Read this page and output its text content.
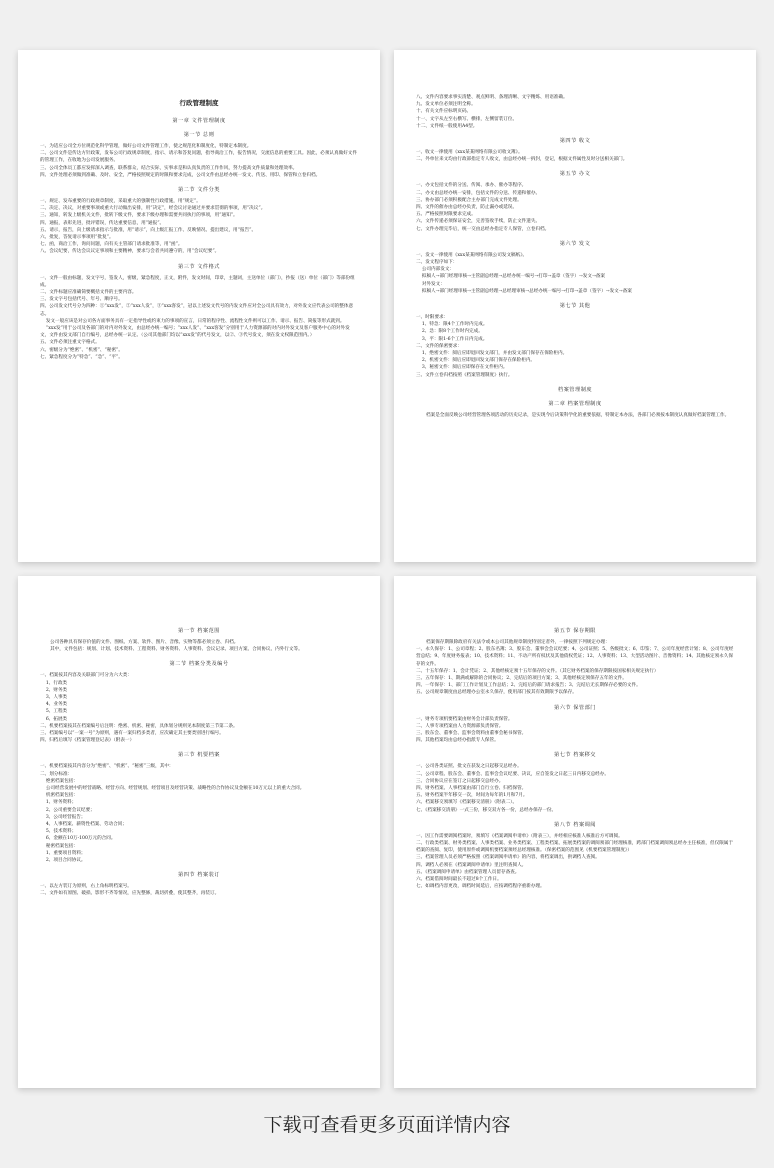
行政管理制度
第一章 文件管理制度
第一节 总则

一、为适应公司全方位规范化科学管理，做好公司文件管理工作，使之规范化和制度化，特制定本制度。

二、公司文件是传达方针政策，发布公司行政规章制度，指示、请示和答复问题，指导商洽工作，报告情况，交流信息的重要工具。因此，必须认真做好文件的管理工作，在收地为公司发展服务。

三、公司全体员工都应发挥深入调查，联系群众，结合实际，实事求是和认真负责的工作作风，努力提高文件质量和处理效率。

四、文件处理必须做到准确、及时、安全，严格按照规定的时限和要求完成，公司文件由总经办统一发文、传送、用印、保管和立卷归档。

第二节 文件分类

一、规定、发布重要的行政规章制度，采取重大的强制性行政措施，用“规定”。

二、决定、决议，对重要事项或重大行动做出安排，用“决定”，经会议讨论通过并要求贯彻的事项，用“决议”。

三、通知，转发上级机关文件，批转下级文件，要求下级办理和需要共同执行的事项，用“通知”。

四、通报，表彰先进，批评错误，传达重要信息，用“通报”。

五、请示，报告，向上级请求指示与批准，用“请示”，向上级汇报工作、反映情况、提出建议，用“报告”。

六、批复，答复请示事项用“批复”。

七、函，商洽工作，询问问题，向有关主管部门请求批准等，用“函”。

八、会议纪要，传达会议议定事项和主要精神，要求与会者共同遵守的，用“会议纪要”。

第三节 文件格式

一、文件一般由标题，发文字号，签发人，密级，紧急程度，正文，附件，发文时间，印章，主题词，主送单位（部门），抄报（送）单位（部门）等部份组成。

二、文件标题应准确简要概括文件的主要内容。

三、发文字号包括代号、年号、顺序号。

四、公司发文代号分为四种：①“xxx发”，②“xxx人发”，③“xxx客发”，冠以上述发文代号的内发文件应对全公司具有效力，对外发文应代表公司的整体意志。

发文一般应该是对公司各方面事务具有一定指导性或约束力的事项的宣言，日常的程序性、流程性文件则可以工作、请示、报告、简报等形式就到。

“xxx发”用于公司及各部门的对内对外发文，由总经办统一编号；“xxx人发”、“xxx客发”分别用于人力资源部的对内对外发文及客户服务中心的对外发文，文件由发文部门自行编号，总经办统一认定。（公司其他部门均以“xxx发”的代号发文，以②、③代号发文，须在发文权限范围内。）

五、文件必须注重文字格式。

六、密级分为“绝密”、“机密”、“秘密”。

七、紧急程度分为“特急”、“急”、“平”。

八、文件内容要求事实清楚、观点鲜明、条理清晰、文字精炼、用语准确。

九、发文单位必须注明全称。

十、有关文件应标明页码。

十一、文字从左至右横写、横排，左侧留装订位。

十二、文件纸一般使用A4型。

第四节 收文

一、收文一律使用《xxx某某网络有限公司收文簿》。

二、外单位来文均由行政部指定专人收文，由总经办统一拆封，登记，根据文件属性及时分送相关部门。

第五节 办文

一、办文包括文件的分送、传阅、承办、催办等程序。

二、办文由总经办统一安排，包括文件的分送、传递和催办。

三、协办部门必须积极配合主办部门完成文件处理。

四、文件的催办由总经办负责，防止漏办或延误。

五、严格按照时限要求完成。

六、文件传递必须保证安全，完善签收手续，防止文件遗失。

七、文件办理完毕后，统一交由总经办指定专人保管，立卷归档。

第六节 发文

一、发文一律使用《xxx某某网络有限公司发文稿纸》。

二、发文程序如下：

公司内部发文：

拟稿人→部门经理审核→主管副总经理→总经办统一编号→打印→盖章（签字）→发文→备案

对外发文：

拟稿人→部门经理审核→主管副总经理→总经理审核→总经办统一编号→打印→盖章（签字）→发文→备案

第七节 其他

一、时限要求：

1、特急：限4个工作时内完成。

2、急：限8个工作时内完成。

3、平：限1-6个工作日内完成。

二、文件的保密要求：

1、绝密文件：阅后应即退回发文部门，并由发文部门保存在保险柜内。

2、机密文件：阅后应即退回发文部门保存在保险柜内。

3、秘密文件：阅后应即保存在文件柜内。

三、文件立卷归档按照《档案管理制度》执行。

档案管理制度
第二章 档案管理制度

档案是全面反映公司经营管理各项活动的历史记录，是实现今后决策科学化的重要依据，特制定本办法，各部门必须按本制度认真做好档案管理工作。

第一节 档案范围

公司各种具有保存价值的文件、图纸、方案、软件、图片、音像、实物等都必须立卷、归档。

其中，文件包括：规划、计划、技术资料、工程资料、财务资料、人事资料、会议记录、项目方案、合同协议、内外行文等。

第二节 档案分类及编号

一、档案按其内容及关联部门可分为六大类：

1、行政类

2、财务类

3、人事类

4、业务类

5、工程类

6、拓展类

二、机要档案按其在档案编号后注明：绝密、机密、秘密，具体划分规则见本制度第三节第二条。

三、档案编号以“一案一号”为原则，遇有一案归档多类者，应次确定其主要类别进行编号。

四、归档后填写《档案管理登记表》（附表一）

第三节 机要档案

一、机要档案按其内容分为“绝密”、“机密”、“秘密”三级，其中：

二、划分标准：

绝密档案包括：

公司经营发展中的经营战略、经营方向、经营规划、经营项目及经营决策、战略性的合作协议及金额在10万元以上的重大合同。

机密档案包括：

1、财务资料；

2、公司重要会议纪要；

3、公司经营报告；

4、人事档案、薪资性档案、劳动合同；

5、技术资料；

6、金额在10万-100万元的合同。

秘密档案包括：

1、重要项目资料；

2、项目合同协议。

第四节 档案装订

一、以左方装订为原则，右上角标明档案号。

二、文件如有原图、破损、影形不齐等情况，应先整修，裁切折叠，使其整齐，再装订。

第五节 保存期限

档案保存期限除政府有关法令或本公司其他规章制度特别定者外，一律按照下列规定办理：

一、永久保存：1、公司章程；2、股东名簿；3、股东会、董事会会议纪要；4、公司证照；5、各级批文；6、印鉴；7、公司年度经营计划；8、公司年度经营总结；9、年度财务报表；10、技术资料；11、不动产所有权状及其他债权凭证；12、人事资料；13、大型活动图片、音像资料；14、其他核定须永久保存的文件。

二、十五年保存：1、会计凭证；2、其他经核定须十五年保存的文件。（其它财务档案的保存期限按国家相关规定执行）

三、五年保存：1、期满或解除的合同协议；2、完结后的项目方案；3、其他经核定须保存五年的文件。

四、一年保存：1、部门工作计划及工作总结；2、完结后的部门请求报告；3、完结后无长期保存必要的文件。

五、公司规章制度由总经理办公室永久保存，使用部门按其有效期限予以保存。

第六节 保管部门

一、财务专项机要档案由财务会计部负责保管。

二、人事专项档案由人力资源部负责保管。

三、股东会、董事会、监事会资料由董事会秘书保管。

四、其他档案均由总经办指派专人保管。

第七节 档案移交

一、公司各类证照、批文在获发之日起移交总经办。

二、公司章程、股东会、董事会、监事会会议纪要、决议，应自签发之日起三日内移交总经办。

三、合同协议应在签订之日起移交总经办。

四、财务档案、人事档案由部门自行立卷、归档保管。

五、财务档案半年移交一次，时间为每年的1月和7月。

六、档案移交须填写《档案移交清册》（附表二）。

七、《档案移交清册》一式三份，移交双方各一份，总经办保存一份。

第八节 档案调阅

一、因工作需要调阅档案时，须填写《档案调阅申请单》（附表三），并经相应核准人核准后方可调阅。

二、行政类档案、财务类档案、人事类档案、业务类档案、工程类档案、拓展类档案的调阅须部门经理核准，跨部门档案调阅须总经办主任核准，但仅限属于档案的查阅、复印，使用原件或调阅机要档案须经总经理核准。（保密档案的范围见《机要档案管理制度》）

三、档案管理人员必须严格按照《档案调阅申请单》的内容，将档案调出，供调档人查阅。

四、调档人必须在《档案调阅申请单》里注明查阅人。

五、《档案调阅申请单》由档案管理人员留存备查。

六、档案借阅时间最长不超过8个工作日。

七、如调档内容更改，调档时间延后，应按调档程序重新办理。

下载可查看更多页面详情内容
